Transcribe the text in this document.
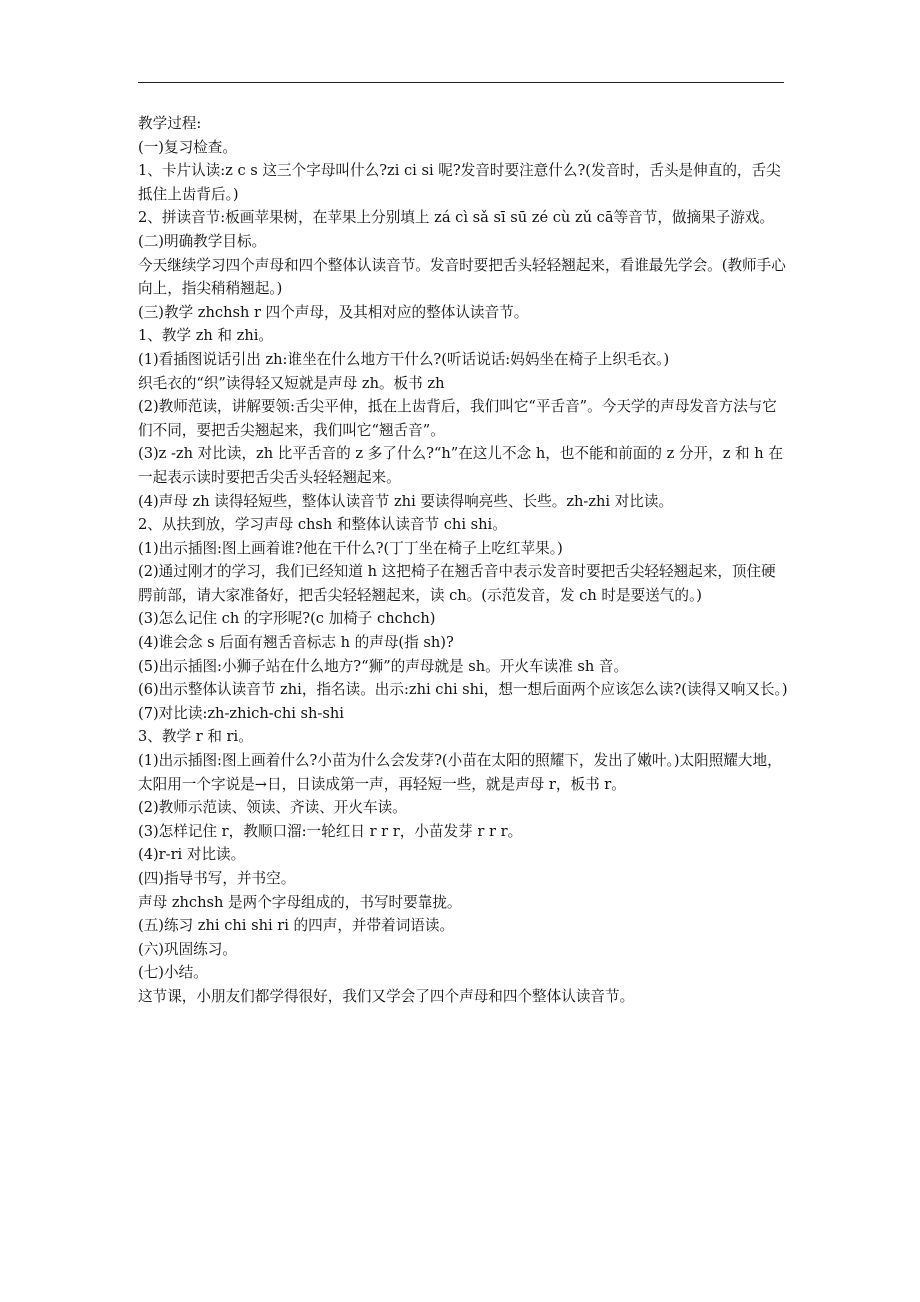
教学过程:

(一)复习检查。

1、卡片认读:z c s 这三个字母叫什么?zi ci si 呢?发音时要注意什么?(发音时，舌头是伸直的，舌尖抵住上齿背后。)

2、拼读音节:板画苹果树，在苹果上分别填上 zá cì sǎ sī sū zé cù zǔ cā等音节，做摘果子游戏。

(二)明确教学目标。

今天继续学习四个声母和四个整体认读音节。发音时要把舌头轻轻翘起来，看谁最先学会。(教师手心向上，指尖稍稍翘起。)

(三)教学 zhchsh r 四个声母，及其相对应的整体认读音节。

1、教学 zh 和 zhi。

(1)看插图说话引出 zh:谁坐在什么地方干什么?(听话说话:妈妈坐在椅子上织毛衣。)

织毛衣的“织”读得轻又短就是声母 zh。板书 zh

(2)教师范读，讲解要领:舌尖平伸，抵在上齿背后，我们叫它“平舌音”。今天学的声母发音方法与它们不同，要把舌尖翘起来，我们叫它“翘舌音”。

(3)z -zh 对比读，zh 比平舌音的 z 多了什么?“h”在这儿不念 h，也不能和前面的 z 分开，z 和 h 在一起表示读时要把舌尖舌头轻轻翘起来。

(4)声母 zh 读得轻短些，整体认读音节 zhi 要读得响亮些、长些。zh-zhi 对比读。

2、从扶到放，学习声母 chsh 和整体认读音节 chi shi。

(1)出示插图:图上画着谁?他在干什么?(丁丁坐在椅子上吃红苹果。)

(2)通过刚才的学习，我们已经知道 h 这把椅子在翘舌音中表示发音时要把舌尖轻轻翘起来，顶住硬腭前部，请大家准备好，把舌尖轻轻翘起来，读 ch。(示范发音，发 ch 时是要送气的。)

(3)怎么记住 ch 的字形呢?(c 加椅子 chchch)

(4)谁会念 s 后面有翘舌音标志 h 的声母(指 sh)?

(5)出示插图:小狮子站在什么地方?“狮”的声母就是 sh。开火车读准 sh 音。

(6)出示整体认读音节 zhi，指名读。出示:zhi chi shi，想一想后面两个应该怎么读?(读得又响又长。)

(7)对比读:zh-zhich-chi sh-shi

3、教学 r 和 ri。

(1)出示插图:图上画着什么?小苗为什么会发芽?(小苗在太阳的照耀下，发出了嫩叶。)太阳照耀大地，太阳用一个字说是→日，日读成第一声，再轻短一些，就是声母 r，板书 r。

(2)教师示范读、领读、齐读、开火车读。

(3)怎样记住 r，教顺口溜:一轮红日 r r r，小苗发芽 r r r。

(4)r-ri 对比读。

(四)指导书写，并书空。

声母 zhchsh 是两个字母组成的，书写时要靠拢。

(五)练习 zhi chi shi ri 的四声，并带着词语读。

(六)巩固练习。

(七)小结。

这节课，小朋友们都学得很好，我们又学会了四个声母和四个整体认读音节。
